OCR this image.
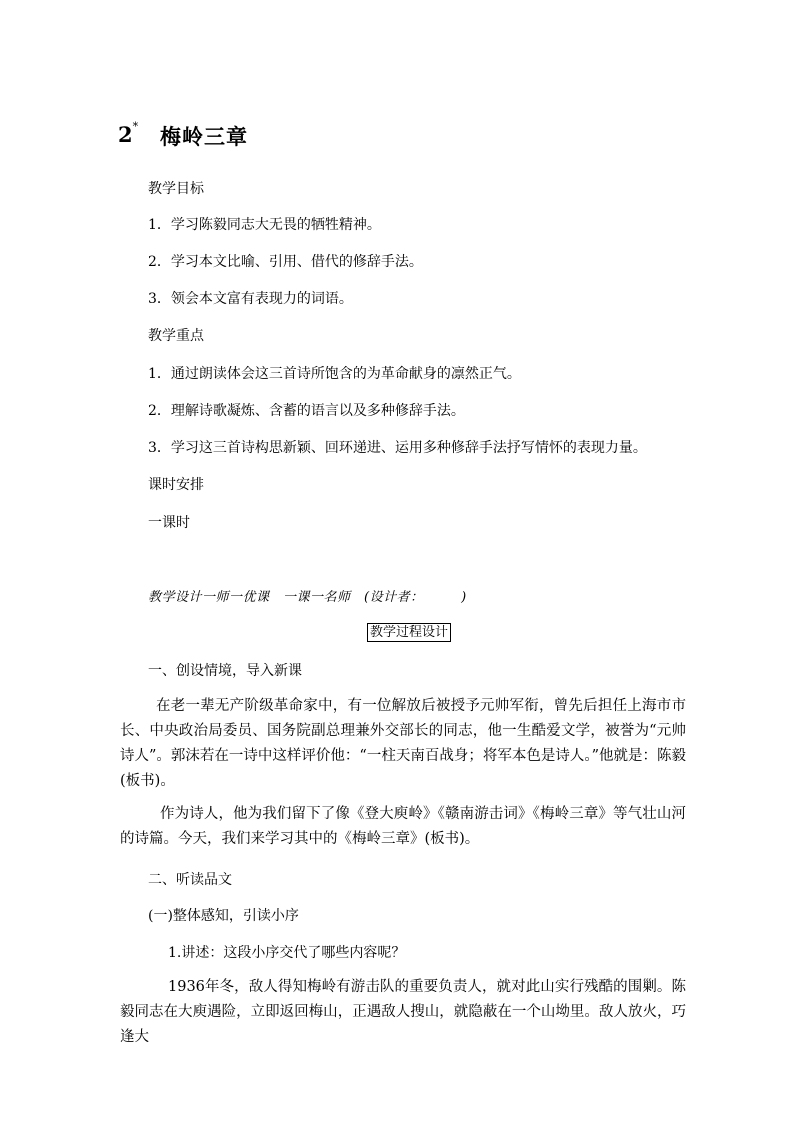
2* 梅岭三章
教学目标
1．学习陈毅同志大无畏的牺牲精神。
2．学习本文比喻、引用、借代的修辞手法。
3．领会本文富有表现力的词语。
教学重点
1．通过朗读体会这三首诗所饱含的为革命献身的凛然正气。
2．理解诗歌凝炼、含蓄的语言以及多种修辞手法。
3．学习这三首诗构思新颖、回环递进、运用多种修辞手法抒写情怀的表现力量。
课时安排
一课时
教学设计一师一优课　一课一名师　(设计者：	)
教学过程设计
一、创设情境，导入新课
在老一辈无产阶级革命家中，有一位解放后被授予元帅军衔，曾先后担任上海市市长、中央政治局委员、国务院副总理兼外交部长的同志，他一生酷爱文学，被誉为“元帅诗人”。郭沫若在一诗中这样评价他：“一柱天南百战身；将军本色是诗人。”他就是：陈毅(板书)。
作为诗人，他为我们留下了像《登大庾岭》《赣南游击词》《梅岭三章》等气壮山河的诗篇。今天，我们来学习其中的《梅岭三章》(板书)。
二、听读品文
(一)整体感知，引读小序
1.讲述：这段小序交代了哪些内容呢？
1936年冬，敌人得知梅岭有游击队的重要负责人，就对此山实行残酷的围剿。陈毅同志在大庾遇险，立即返回梅山，正遇敌人搜山，就隐蔽在一个山坳里。敌人放火，巧逢大
